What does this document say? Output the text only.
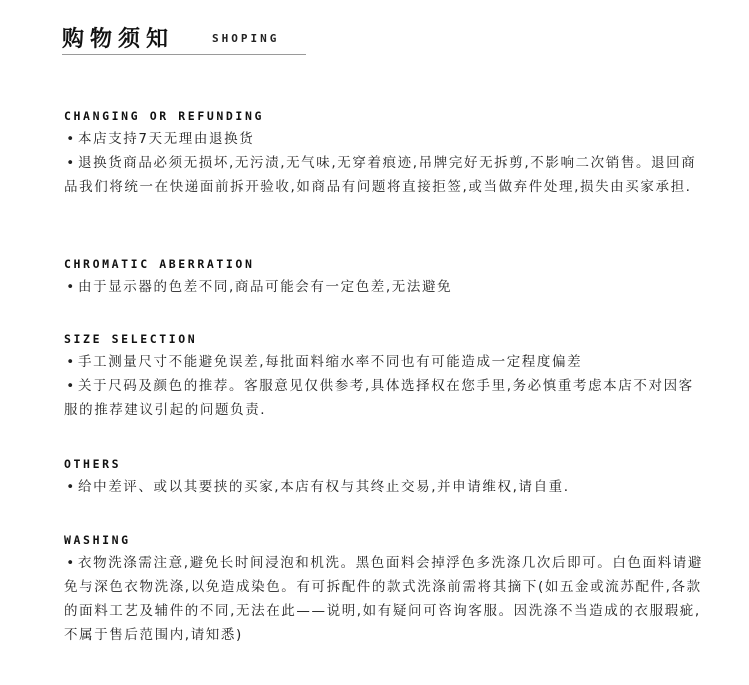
购物须知	SHOPING
CHANGING OR REFUNDING
• 本店支持7天无理由退换货
• 退换货商品必须无损坏,无污渍,无气味,无穿着痕迹,吊牌完好无拆剪,不影响二次销售。退回商品我们将统一在快递面前拆开验收,如商品有问题将直接拒签,或当做弃件处理,损失由买家承担.
CHROMATIC ABERRATION
• 由于显示器的色差不同,商品可能会有一定色差,无法避免
SIZE SELECTION
• 手工测量尺寸不能避免误差,每批面料缩水率不同也有可能造成一定程度偏差
• 关于尺码及颜色的推荐。客服意见仅供参考,具体选择权在您手里,务必慎重考虑本店不对因客服的推荐建议引起的问题负责.
OTHERS
• 给中差评、或以其要挟的买家,本店有权与其终止交易,并申请维权,请自重.
WASHING
• 衣物洗涤需注意,避免长时间浸泡和机洗。黑色面料会掉浮色多洗涤几次后即可。白色面料请避免与深色衣物洗涤,以免造成染色。有可拆配件的款式洗涤前需将其摘下(如五金或流苏配件,各款的面料工艺及辅件的不同,无法在此——说明,如有疑问可咨询客服。因洗涤不当造成的衣服瑕疵,不属于售后范围内,请知悉)
